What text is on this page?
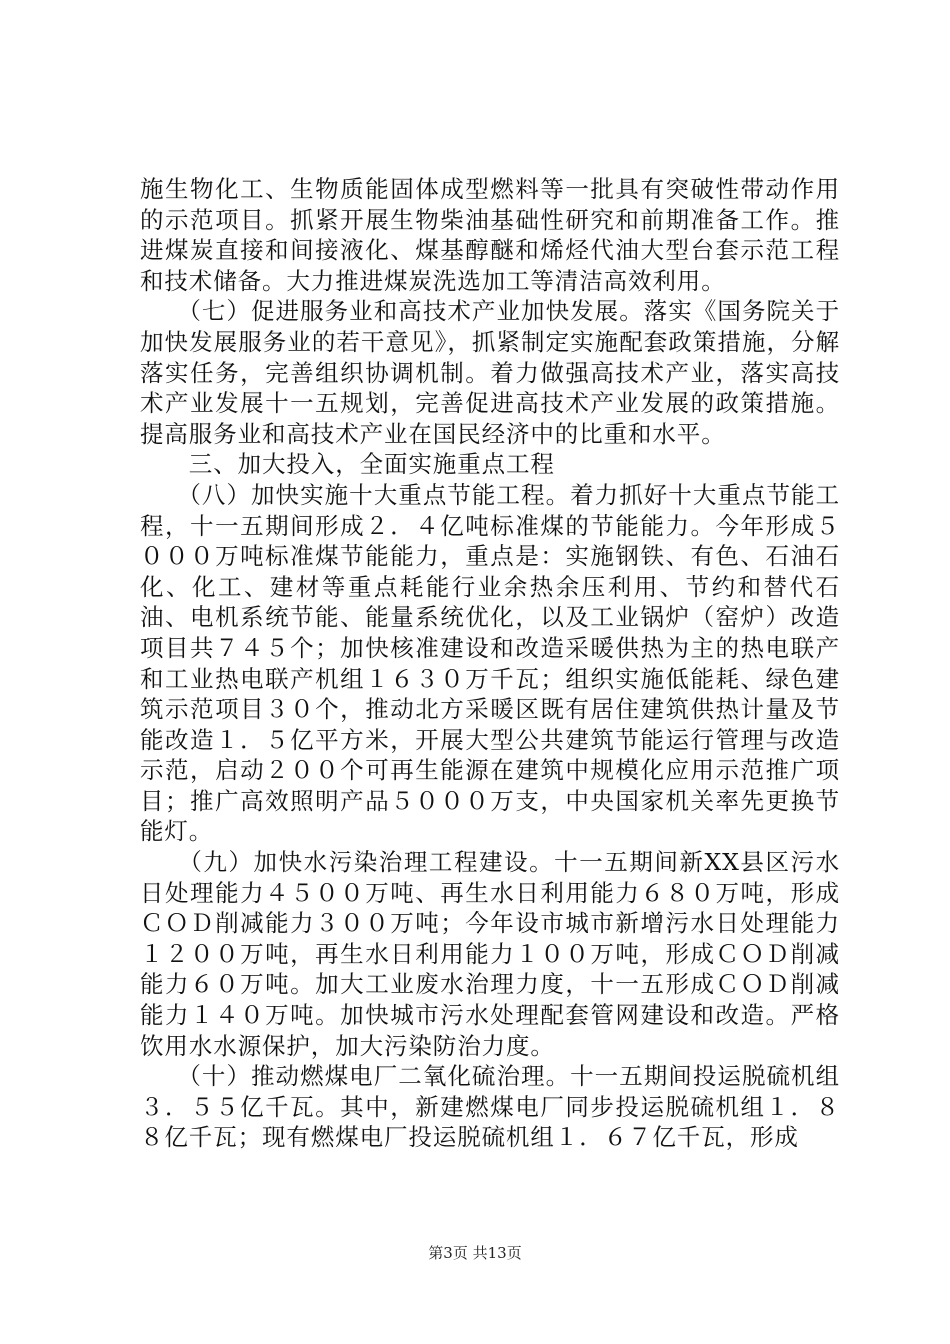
施生物化工、生物质能固体成型燃料等一批具有突破性带动作用的示范项目。抓紧开展生物柴油基础性研究和前期准备工作。推进煤炭直接和间接液化、煤基醇醚和烯烃代油大型台套示范工程和技术储备。大力推进煤炭洗选加工等清洁高效利用。

　　（七）促进服务业和高技术产业加快发展。落实《国务院关于加快发展服务业的若干意见》，抓紧制定实施配套政策措施，分解落实任务，完善组织协调机制。着力做强高技术产业，落实高技术产业发展十一五规划，完善促进高技术产业发展的政策措施。提高服务业和高技术产业在国民经济中的比重和水平。

　　三、加大投入，全面实施重点工程

　　（八）加快实施十大重点节能工程。着力抓好十大重点节能工程，十一五期间形成２．４亿吨标准煤的节能能力。今年形成５０００万吨标准煤节能能力，重点是：实施钢铁、有色、石油石化、化工、建材等重点耗能行业余热余压利用、节约和替代石油、电机系统节能、能量系统优化，以及工业锅炉（窑炉）改造项目共７４５个；加快核准建设和改造采暖供热为主的热电联产和工业热电联产机组１６３０万千瓦；组织实施低能耗、绿色建筑示范项目３０个，推动北方采暖区既有居住建筑供热计量及节能改造１．５亿平方米，开展大型公共建筑节能运行管理与改造示范，启动２００个可再生能源在建筑中规模化应用示范推广项目；推广高效照明产品５０００万支，中央国家机关率先更换节能灯。

　　（九）加快水污染治理工程建设。十一五期间新XX县区污水日处理能力４５００万吨、再生水日利用能力６８０万吨，形成ＣＯＤ削减能力３００万吨；今年设市城市新增污水日处理能力１２００万吨，再生水日利用能力１００万吨，形成ＣＯＤ削减能力６０万吨。加大工业废水治理力度，十一五形成ＣＯＤ削减能力１４０万吨。加快城市污水处理配套管网建设和改造。严格饮用水水源保护，加大污染防治力度。

　　（十）推动燃煤电厂二氧化硫治理。十一五期间投运脱硫机组３．５５亿千瓦。其中，新建燃煤电厂同步投运脱硫机组１．８８亿千瓦；现有燃煤电厂投运脱硫机组１．６７亿千瓦，形成

第3页 共13页
